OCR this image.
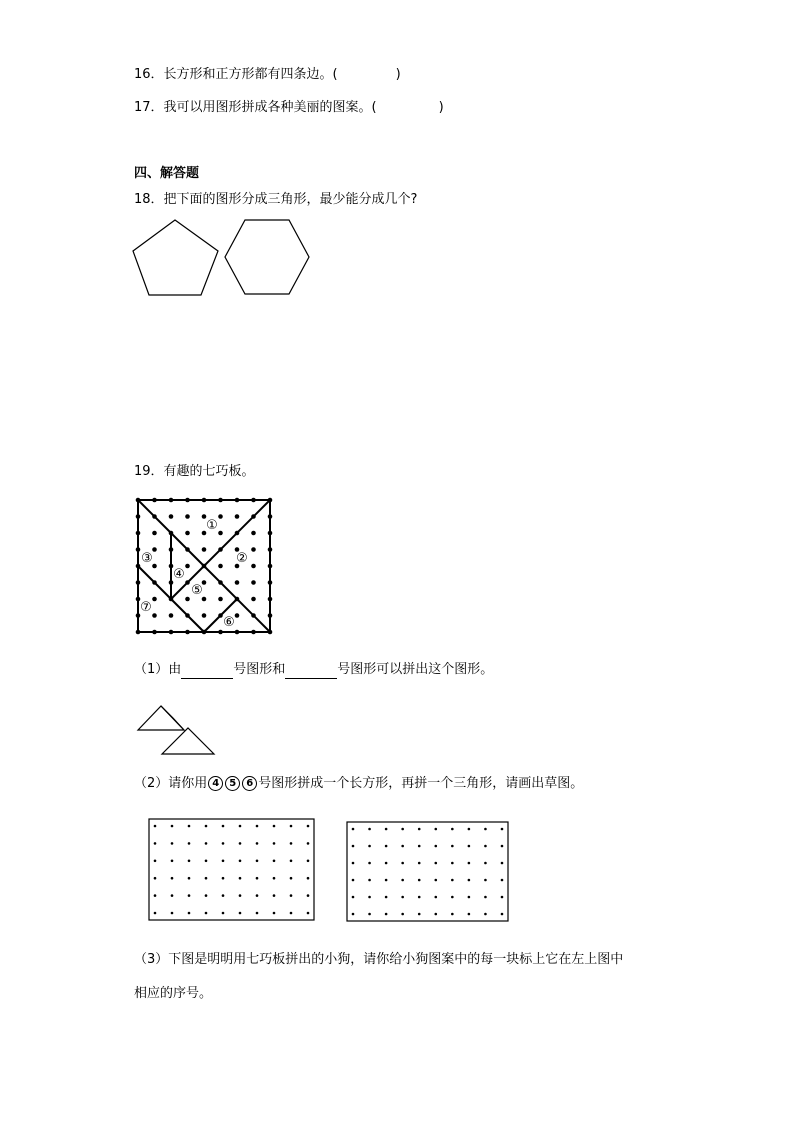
16．长方形和正方形都有四条边。(	)
17．我可以用图形拼成各种美丽的图案。(	)
四、解答题
18．把下面的图形分成三角形，最少能分成几个?
19．有趣的七巧板。
①
②
③
④
⑤
⑥
⑦
（1）由	号图形和	号图形可以拼出这个图形。
（2）请你用 4 5 6 号图形拼成一个长方形，再拼一个三角形，请画出草图。
（3）下图是明明用七巧板拼出的小狗，请你给小狗图案中的每一块标上它在左上图中
相应的序号。
